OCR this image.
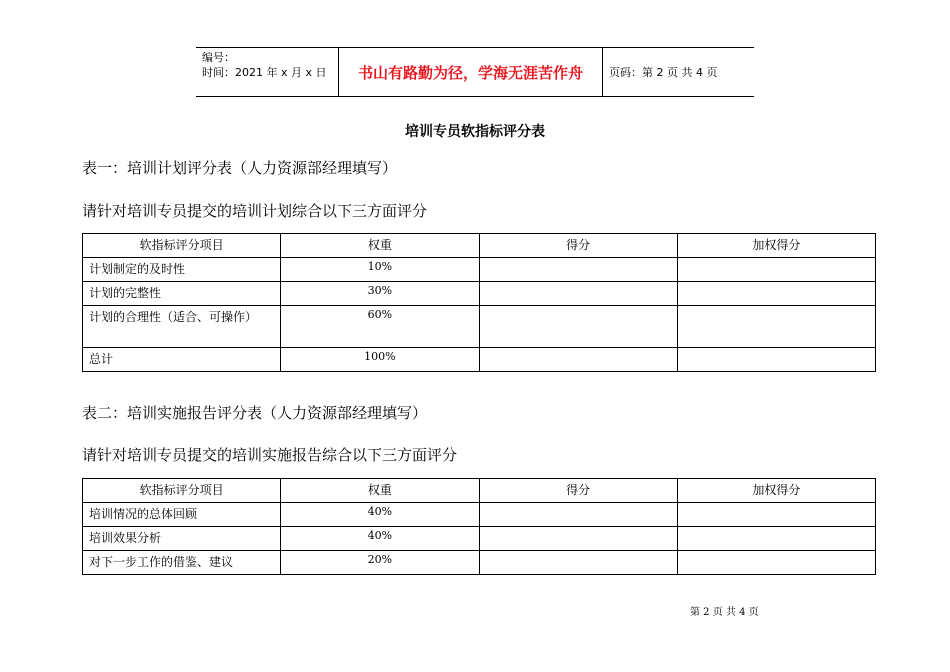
编号：
时间：2021 年 x 月 x 日	书山有路勤为径，学海无涯苦作舟	页码：第 2 页 共 4 页
培训专员软指标评分表
表一：培训计划评分表（人力资源部经理填写）
请针对培训专员提交的培训计划综合以下三方面评分
软指标评分项目	权重	得分	加权得分
计划制定的及时性	10%		
计划的完整性	30%		
计划的合理性（适合、可操作）	60%		
总计	100%		
表二：培训实施报告评分表（人力资源部经理填写）
请针对培训专员提交的培训实施报告综合以下三方面评分
软指标评分项目	权重	得分	加权得分
培训情况的总体回顾	40%		
培训效果分析	40%		
对下一步工作的借鉴、建议	20%		
第 2 页 共 4 页
